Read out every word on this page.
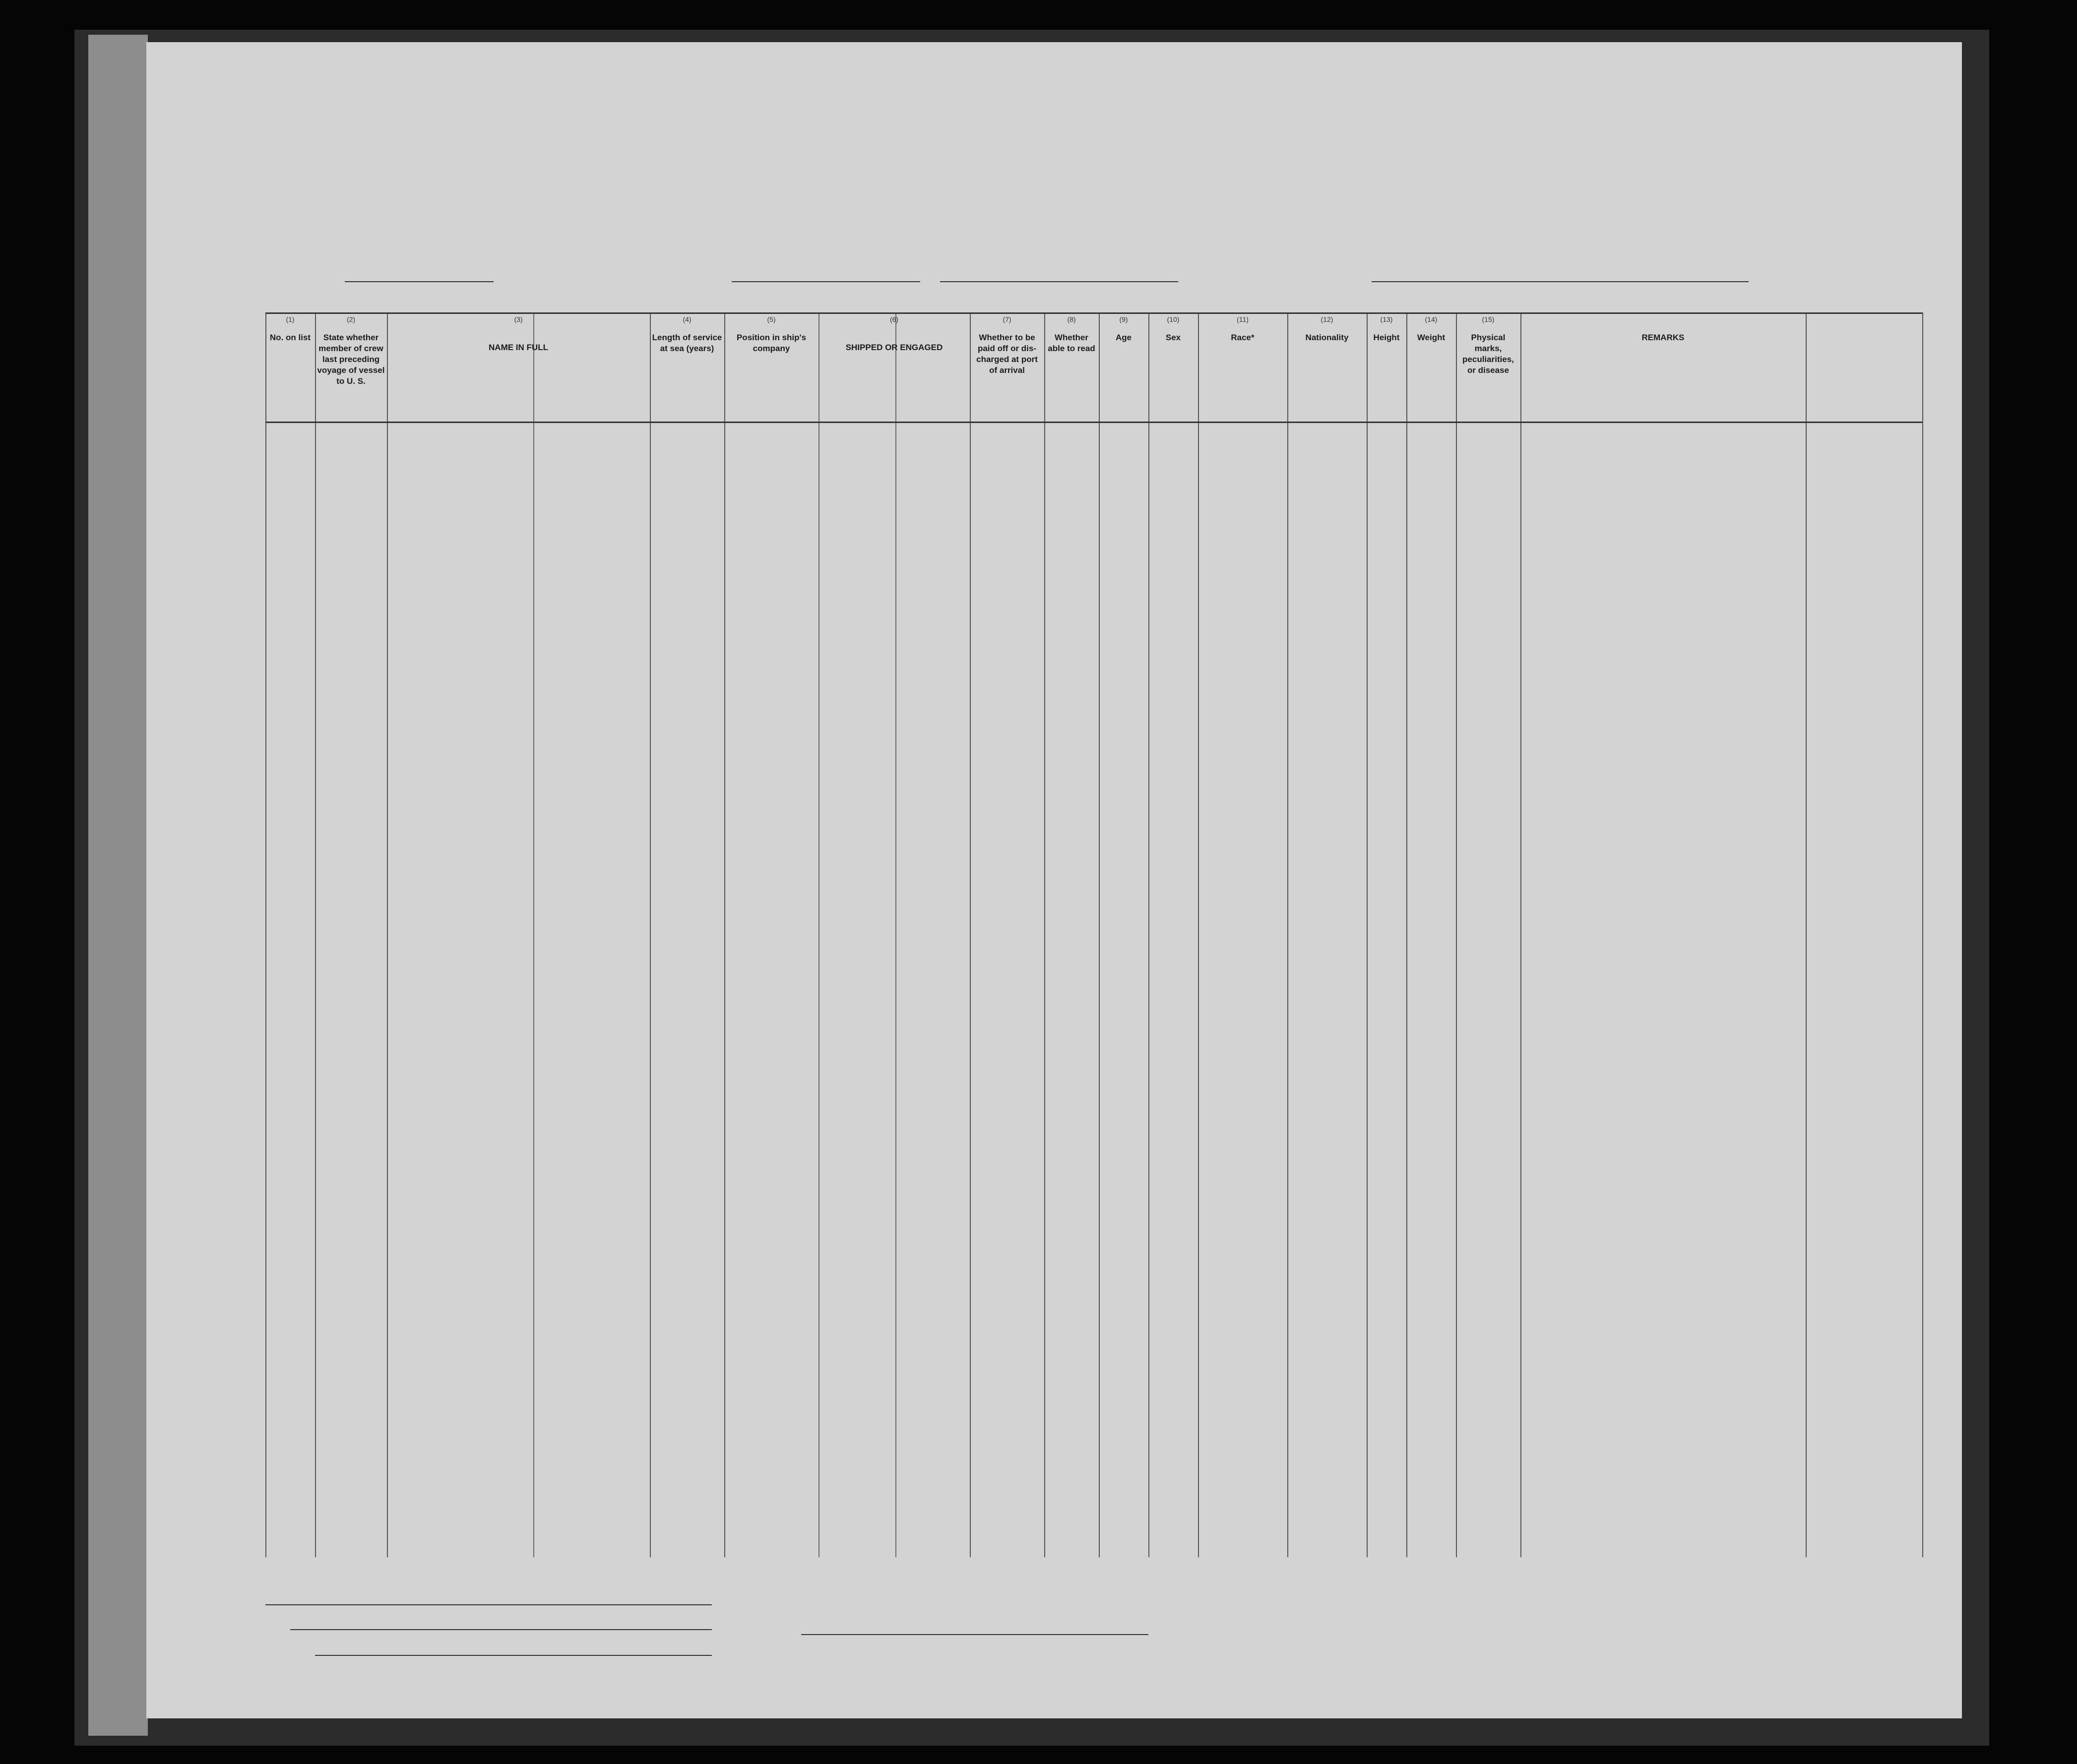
(1)
No. on list
(2)
State whether member of crew last preceding voyage of vessel to U. S.
(3)
NAME IN FULL
(4)
Length of service at sea (years)
(5)
Position in ship's company
(6)
SHIPPED OR ENGAGED
(7)
Whether to be paid off or dis-charged at port of arrival
(8)
Whether able to read
(9)
Age
(10)
Sex
(11)
Race*
(12)
Nationality
(13)
Height
(14)
Weight
(15)
Physical marks, peculiarities, or disease
REMARKS
